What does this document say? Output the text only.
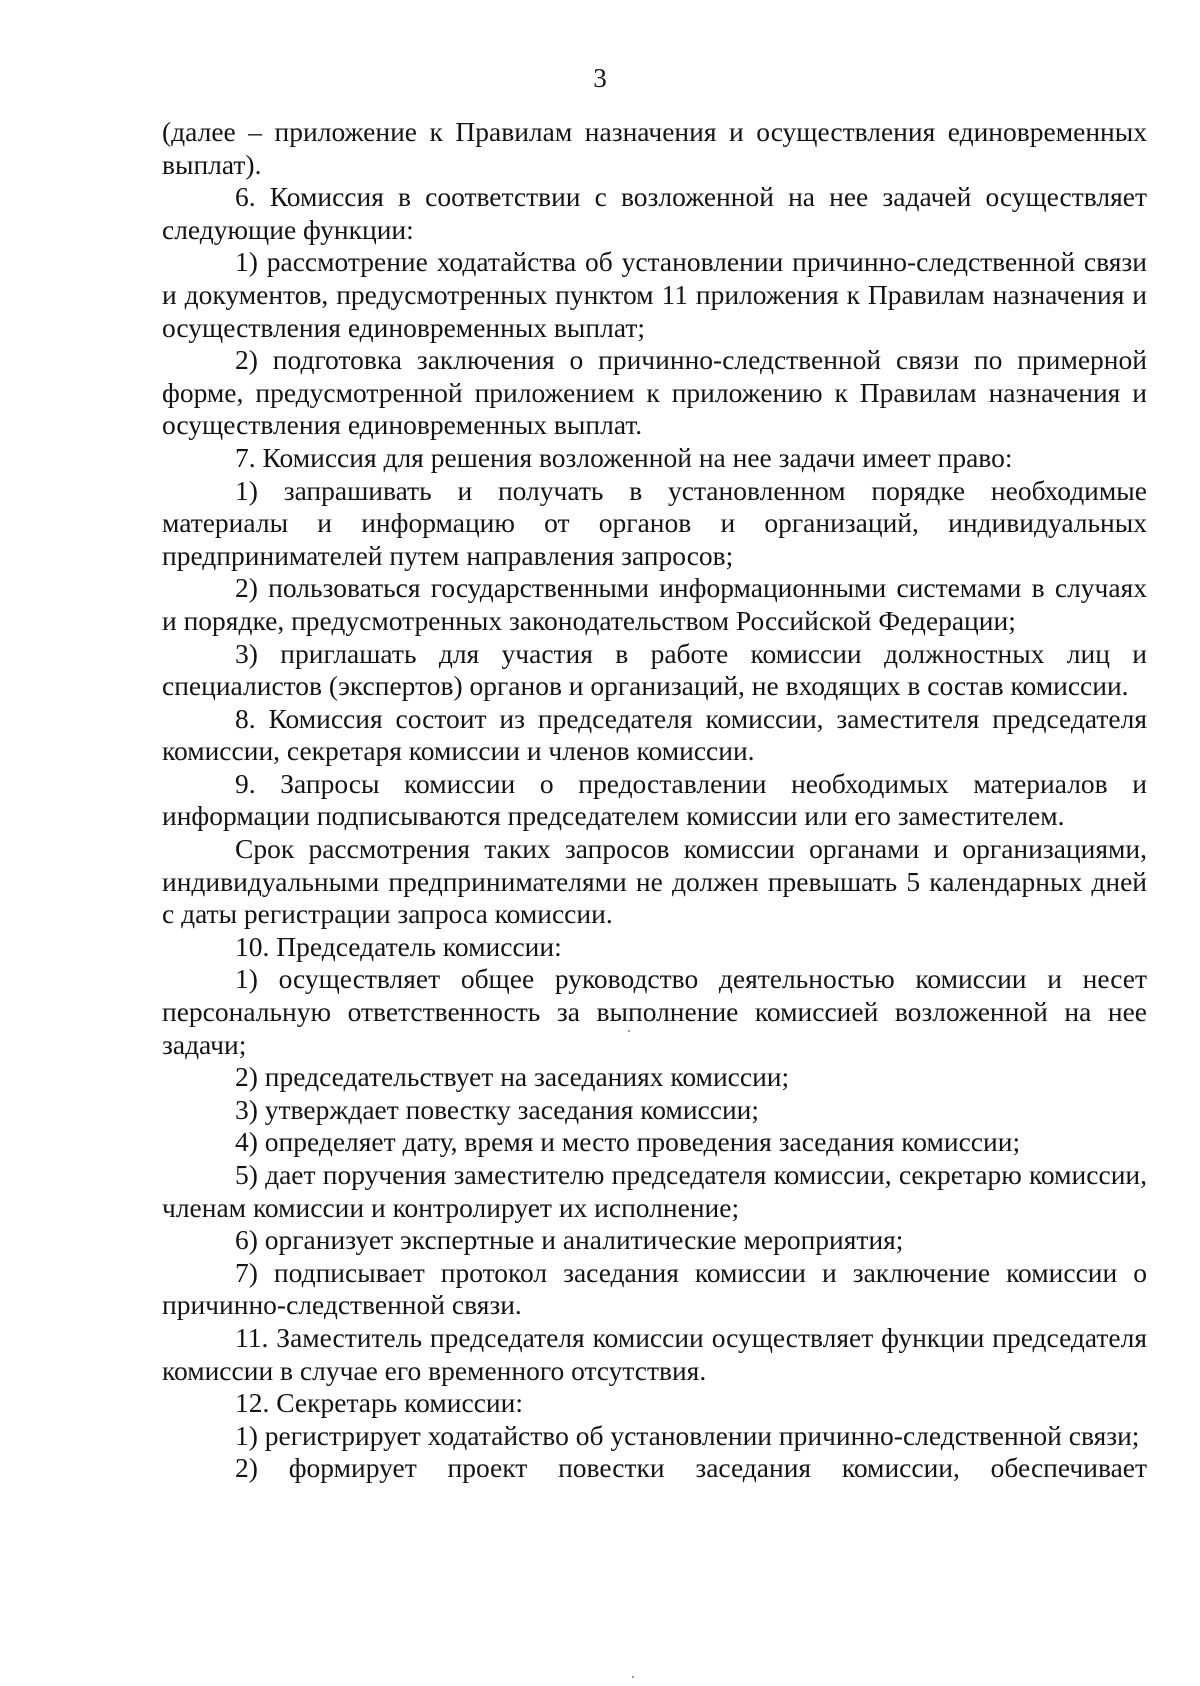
3

(далее – приложение к Правилам назначения и осуществления единовременных выплат).

6. Комиссия в соответствии с возложенной на нее задачей осуществляет следующие функции:

1) рассмотрение ходатайства об установлении причинно-следственной связи и документов, предусмотренных пунктом 11 приложения к Правилам назначения и осуществления единовременных выплат;

2) подготовка заключения о причинно-следственной связи по примерной форме, предусмотренной приложением к приложению к Правилам назначения и осуществления единовременных выплат.

7. Комиссия для решения возложенной на нее задачи имеет право:

1) запрашивать и получать в установленном порядке необходимые материалы и информацию от органов и организаций, индивидуальных предпринимателей путем направления запросов;

2) пользоваться государственными информационными системами в случаях и порядке, предусмотренных законодательством Российской Федерации;

3) приглашать для участия в работе комиссии должностных лиц и специалистов (экспертов) органов и организаций, не входящих в состав комиссии.

8. Комиссия состоит из председателя комиссии, заместителя председателя комиссии, секретаря комиссии и членов комиссии.

9. Запросы комиссии о предоставлении необходимых материалов и информации подписываются председателем комиссии или его заместителем.

Срок рассмотрения таких запросов комиссии органами и организациями, индивидуальными предпринимателями не должен превышать 5 календарных дней с даты регистрации запроса комиссии.

10. Председатель комиссии:

1) осуществляет общее руководство деятельностью комиссии и несет персональную ответственность за выполнение комиссией возложенной на нее задачи;

2) председательствует на заседаниях комиссии;

3) утверждает повестку заседания комиссии;

4) определяет дату, время и место проведения заседания комиссии;

5) дает поручения заместителю председателя комиссии, секретарю комиссии, членам комиссии и контролирует их исполнение;

6) организует экспертные и аналитические мероприятия;

7) подписывает протокол заседания комиссии и заключение комиссии о причинно-следственной связи.

11. Заместитель председателя комиссии осуществляет функции председателя комиссии в случае его временного отсутствия.

12. Секретарь комиссии:

1) регистрирует ходатайство об установлении причинно-следственной связи;

2) формирует проект повестки заседания комиссии, обеспечивает
